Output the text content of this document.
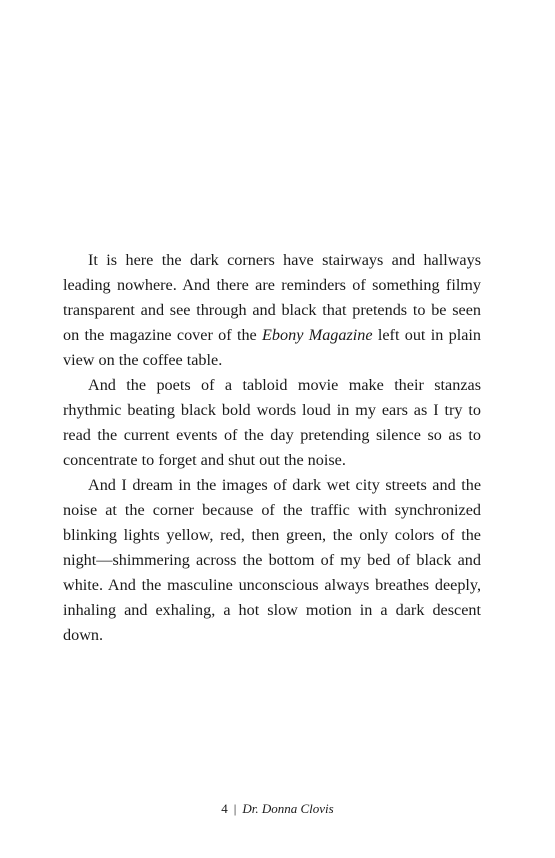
It is here the dark corners have stairways and hallways leading nowhere. And there are reminders of something filmy transparent and see through and black that pretends to be seen on the magazine cover of the Ebony Magazine left out in plain view on the coffee table.

And the poets of a tabloid movie make their stanzas rhythmic beating black bold words loud in my ears as I try to read the current events of the day pretending silence so as to concentrate to forget and shut out the noise.

And I dream in the images of dark wet city streets and the noise at the corner because of the traffic with synchronized blinking lights yellow, red, then green, the only colors of the night—shimmering across the bottom of my bed of black and white. And the masculine unconscious always breathes deeply, inhaling and exhaling, a hot slow motion in a dark descent down.

4 | Dr. Donna Clovis
